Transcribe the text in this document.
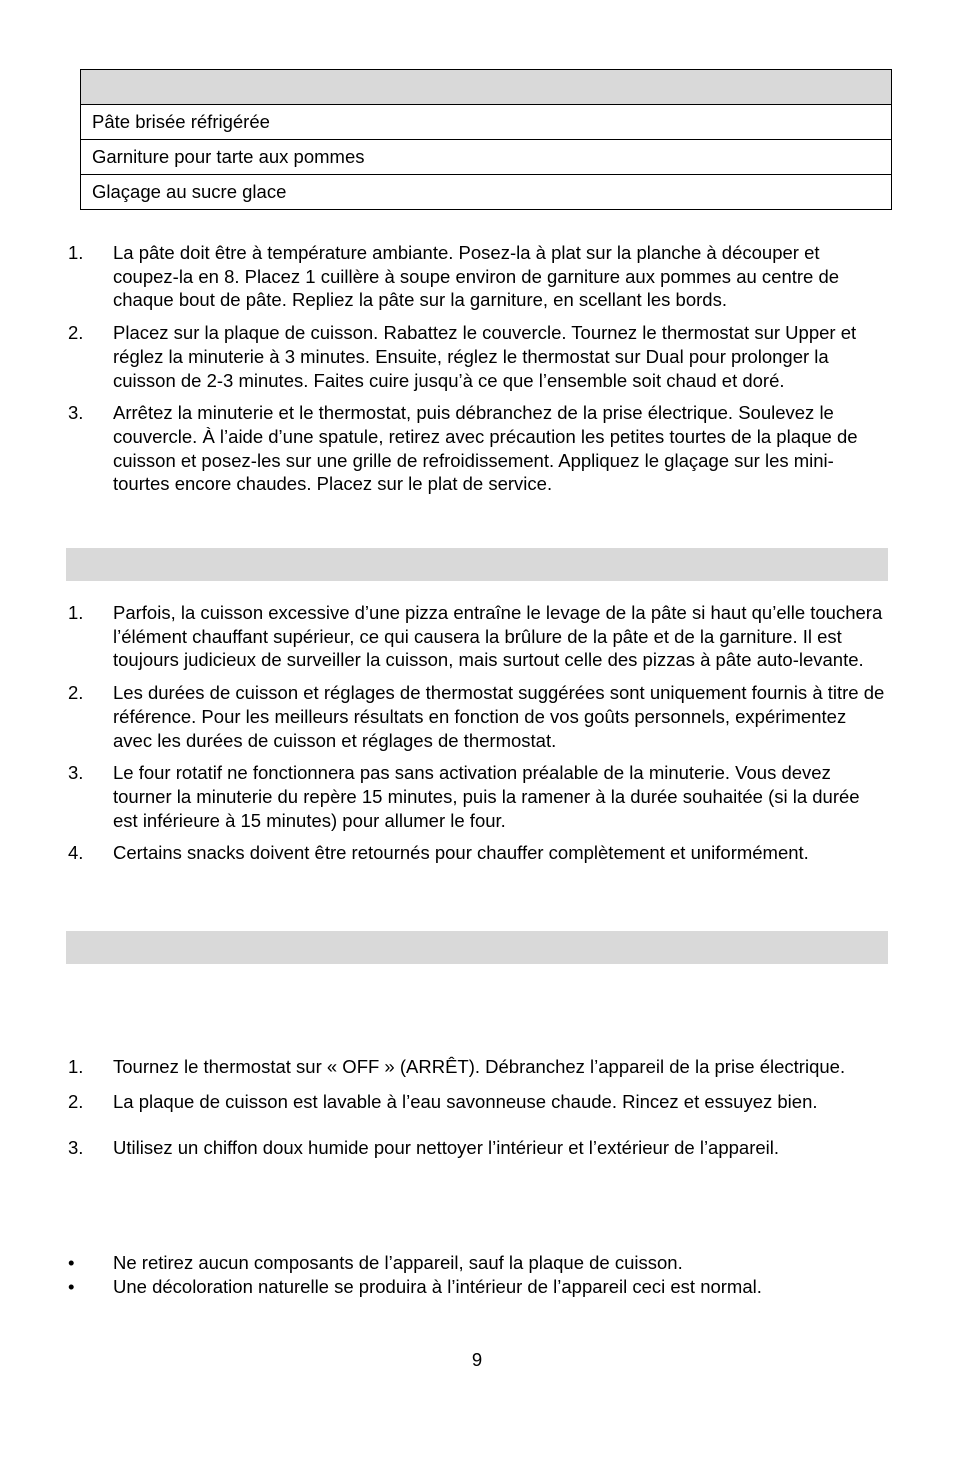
Pâte brisée réfrigérée
Garniture pour tarte aux pommes
Glaçage au sucre glace
1. La pâte doit être à température ambiante. Posez-la à plat sur la planche à découper et coupez-la en 8. Placez 1 cuillère à soupe environ de garniture aux pommes au centre de chaque bout de pâte. Repliez la pâte sur la garniture, en scellant les bords.
2. Placez sur la plaque de cuisson. Rabattez le couvercle. Tournez le thermostat sur Upper et réglez la minuterie à 3 minutes. Ensuite, réglez le thermostat sur Dual pour prolonger la cuisson de 2-3 minutes. Faites cuire jusqu’à ce que l’ensemble soit chaud et doré.
3. Arrêtez la minuterie et le thermostat, puis débranchez de la prise électrique. Soulevez le couvercle. À l’aide d’une spatule, retirez avec précaution les petites tourtes de la plaque de cuisson et posez-les sur une grille de refroidissement. Appliquez le glaçage sur les mini-tourtes encore chaudes. Placez sur le plat de service.
1. Parfois, la cuisson excessive d’une pizza entraîne le levage de la pâte si haut qu’elle touchera l’élément chauffant supérieur, ce qui causera la brûlure de la pâte et de la garniture. Il est toujours judicieux de surveiller la cuisson, mais surtout celle des pizzas à pâte auto-levante.
2. Les durées de cuisson et réglages de thermostat suggérées sont uniquement fournis à titre de référence. Pour les meilleurs résultats en fonction de vos goûts personnels, expérimentez avec les durées de cuisson et réglages de thermostat.
3. Le four rotatif ne fonctionnera pas sans activation préalable de la minuterie. Vous devez tourner la minuterie du repère 15 minutes, puis la ramener à la durée souhaitée (si la durée est inférieure à 15 minutes) pour allumer le four.
4. Certains snacks doivent être retournés pour chauffer complètement et uniformément.
1. Tournez le thermostat sur « OFF » (ARRÊT). Débranchez l’appareil de la prise électrique.
2. La plaque de cuisson est lavable à l’eau savonneuse chaude. Rincez et essuyez bien.
3. Utilisez un chiffon doux humide pour nettoyer l’intérieur et l’extérieur de l’appareil.
• Ne retirez aucun composants de l’appareil, sauf la plaque de cuisson.
• Une décoloration naturelle se produira à l’intérieur de l’appareil ceci est normal.
9
